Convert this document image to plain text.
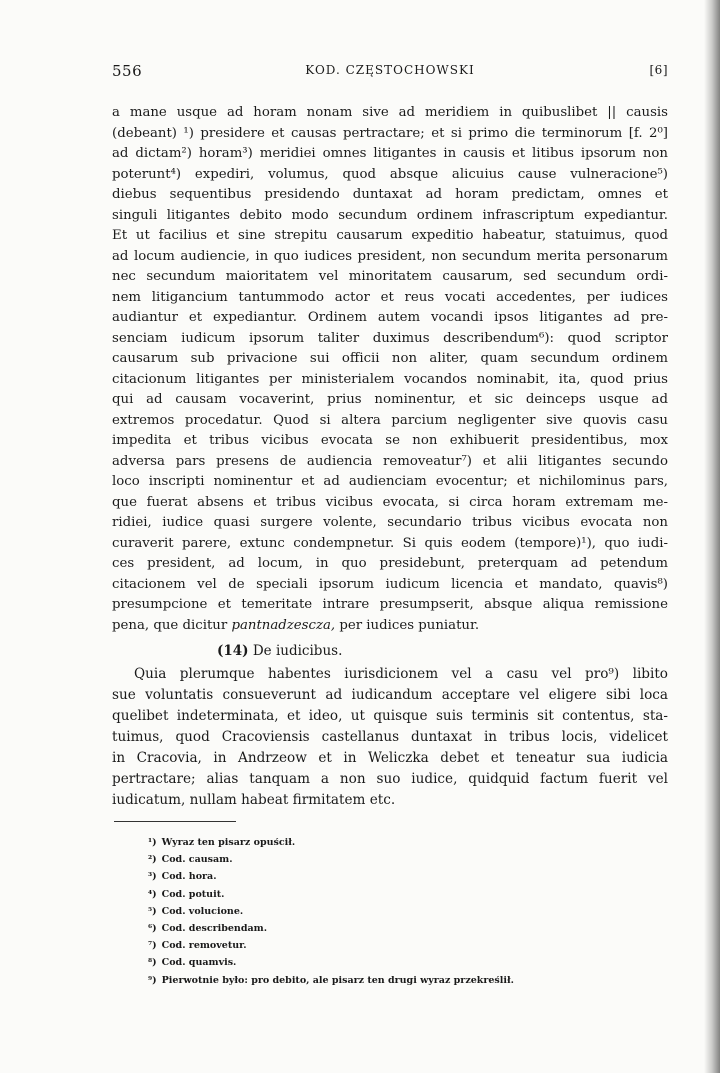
556	KOD. CZĘSTOCHOWSKI	[6]
a mane usque ad horam nonam sive ad meridiem in quibuslibet || causis
(debeant) ¹) presidere et causas pertractare; et si primo die terminorum [f. 2⁰]
ad dictam²) horam³) meridiei omnes litigantes in causis et litibus ipsorum non
poterunt⁴) expediri, volumus, quod absque alicuius cause vulneracione⁵)
diebus sequentibus presidendo duntaxat ad horam predictam, omnes et
singuli litigantes debito modo secundum ordinem infrascriptum expediantur.
Et ut facilius et sine strepitu causarum expeditio habeatur, statuimus, quod
ad locum audiencie, in quo iudices president, non secundum merita personarum
nec secundum maioritatem vel minoritatem causarum, sed secundum ordi-
nem litigancium tantummodo actor et reus vocati accedentes, per iudices
audiantur et expediantur. Ordinem autem vocandi ipsos litigantes ad pre-
senciam iudicum ipsorum taliter duximus describendum⁶): quod scriptor
causarum sub privacione sui officii non aliter, quam secundum ordinem
citacionum litigantes per ministerialem vocandos nominabit, ita, quod prius
qui ad causam vocaverint, prius nominentur, et sic deinceps usque ad
extremos procedatur. Quod si altera parcium negligenter sive quovis casu
impedita et tribus vicibus evocata se non exhibuerit presidentibus, mox
adversa pars presens de audiencia removeatur⁷) et alii litigantes secundo
loco inscripti nominentur et ad audienciam evocentur; et nichilominus pars,
que fuerat absens et tribus vicibus evocata, si circa horam extremam me-
ridiei, iudice quasi surgere volente, secundario tribus vicibus evocata non
curaverit parere, extunc condempnetur. Si quis eodem (tempore)¹), quo iudi-
ces president, ad locum, in quo presidebunt, preterquam ad petendum
citacionem vel de speciali ipsorum iudicum licencia et mandato, quavis⁸)
presumpcione et temeritate intrare presumpserit, absque aliqua remissione
pena, que dicitur pantnadzescza, per iudices puniatur.
(14) De iudicibus.
Quia plerumque habentes iurisdicionem vel a casu vel pro⁹) libito
sue voluntatis consueverunt ad iudicandum acceptare vel eligere sibi loca
quelibet indeterminata, et ideo, ut quisque suis terminis sit contentus, sta-
tuimus, quod Cracoviensis castellanus duntaxat in tribus locis, videlicet
in Cracovia, in Andrzeow et in Weliczka debet et teneatur sua iudicia
pertractare; alias tanquam a non suo iudice, quidquid factum fuerit vel
iudicatum, nullam habeat firmitatem etc.
¹) Wyraz ten pisarz opuścił.
²) Cod. causam.
³) Cod. hora.
⁴) Cod. potuit.
⁵) Cod. volucione.
⁶) Cod. describendam.
⁷) Cod. removetur.
⁸) Cod. quamvis.
⁹) Pierwotnie było: pro debito, ale pisarz ten drugi wyraz przekreślił.
